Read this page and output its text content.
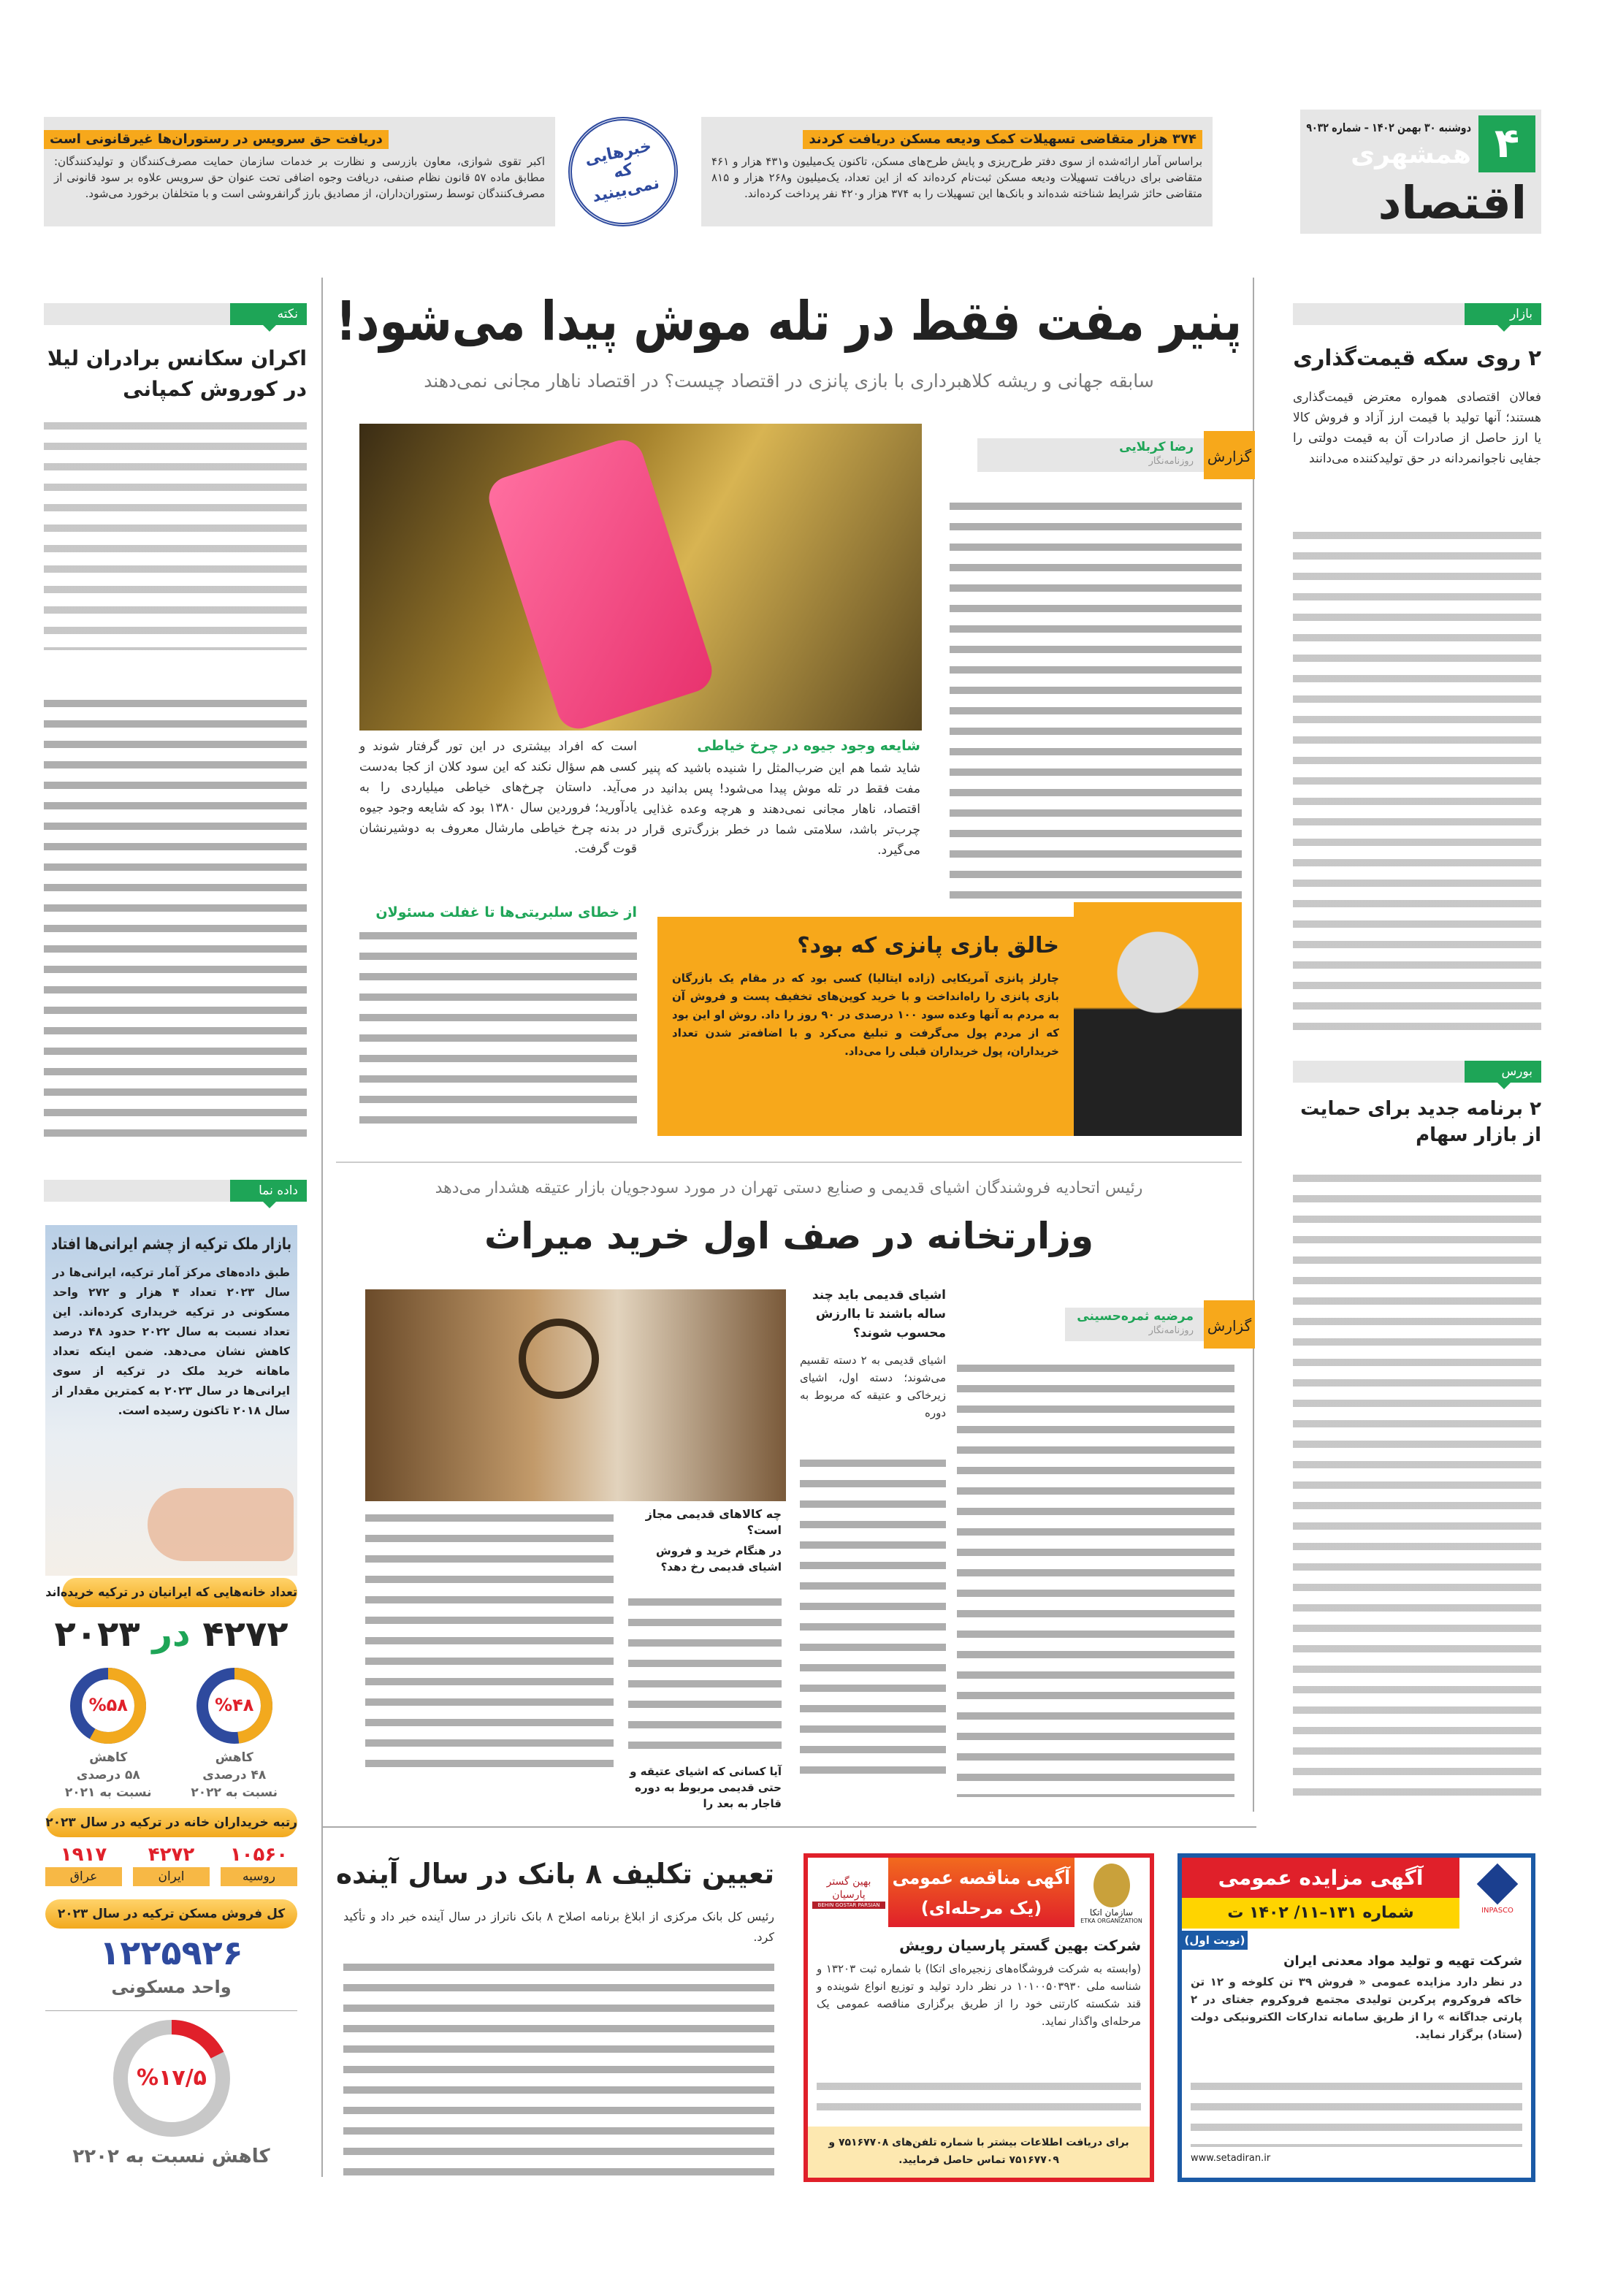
۴
دوشنبه ۳۰ بهمن ۱۴۰۲ – شماره ۹۰۳۲
همشهری
اقتصاد
۳۷۴ هزار متقاضی تسهیلات کمک ودیعه مسکن دریافت کردند
براساس آمار ارائه‌شده از سوی دفتر طرح‌ریزی و پایش طرح‌های مسکن، تاکنون یک‌میلیون و۴۳۱ هزار و ۴۶۱ متقاضی برای دریافت تسهیلات ودیعه مسکن ثبت‌نام کرده‌اند که از این تعداد، یک‌میلیون و۲۶۸ هزار و ۸۱۵ متقاضی حائز شرایط شناخته شده‌اند و بانک‌ها این تسهیلات را به ۳۷۴ هزار و۴۲۰ نفر پرداخت کرده‌اند.
خبرهایی که نمی‌بینید
دریافت حق سرویس در رستوران‌ها غیرقانونی است
اکبر تقوی شوازی، معاون بازرسی و نظارت بر خدمات سازمان حمایت مصرف‌کنندگان و تولیدکنندگان: مطابق ماده ۵۷ قانون نظام صنفی، دریافت وجوه اضافی تحت عنوان حق سرویس علاوه بر سود قانونی از مصرف‌کنندگان توسط رستوران‌داران، از مصادیق بارز گرانفروشی است و با متخلفان برخورد می‌شود.
بازار
۲ روی سکه قیمت‌گذاری
فعالان اقتصادی همواره معترض قیمت‌گذاری هستند؛ آنها تولید با قیمت ارز آزاد و فروش کالا یا ارز حاصل از صادرات آن به قیمت دولتی را جفایی ناجوانمردانه در حق تولیدکننده می‌دانند
بورس
۲ برنامه جدید برای حمایت از بازار سهام
پنیر مفت فقط در تله موش پیدا می‌شود!
سابقه جهانی و ریشه کلاهبرداری با بازی پانزی در اقتصاد چیست؟ در اقتصاد ناهار مجانی نمی‌دهند
گزارش
رضا کربلایی
روزنامه‌نگار
شایعه وجود جیوه در چرخ خیاطی
شاید شما هم این ضرب‌المثل را شنیده باشید که پنیر مفت فقط در تله موش پیدا می‌شود! پس بدانید در اقتصاد، ناهار مجانی نمی‌دهند و هرچه وعده غذایی چرب‌تر باشد، سلامتی شما در خطر بزرگ‌تری قرار می‌گیرد.
است که افراد بیشتری در این تور گرفتار شوند و کسی هم سؤال نکند که این سود کلان از کجا به‌دست می‌آید. داستان چرخ‌های خیاطی میلیاردی را به یادآورید؛ فروردین سال ۱۳۸۰ بود که شایعه وجود جیوه در بدنه چرخ خیاطی مارشال معروف به دوشیرنشان قوت گرفت.
از خطای سلبریتی‌ها تا غفلت مسئولان
خالق بازی پانزی که بود؟
چارلز پانزی آمریکایی (زاده ایتالیا) کسی بود که در مقام یک بازرگان بازی پانزی را راه‌انداخت و با خرید کوپن‌های تخفیف پست و فروش آن به مردم به آنها وعده سود ۱۰۰ درصدی در ۹۰ روز را داد. روش او این بود که از مردم پول می‌گرفت و تبلیغ می‌کرد و با اضافه‌تر شدن تعداد خریداران، پول خریداران قبلی را می‌داد.
رئیس اتحادیه فروشندگان اشیای قدیمی و صنایع دستی تهران در مورد سودجویان بازار عتیقه هشدار می‌دهد
وزارتخانه در صف اول خرید میراث
گزارش
مرضیه ثمره‌حسینی
روزنامه‌نگار
اشیای قدیمی باید چند ساله باشند تا باارزش محسوب شوند؟
اشیای قدیمی به ۲ دسته تقسیم می‌شوند؛ دسته اول، اشیای زیرخاکی و عتیقه که مربوط به دوره
چه کالاهای قدیمی مجاز است؟
در هنگام خرید و فروش اشیای قدیمی رخ دهد؟
آیا کسانی که اشیای عتیقه و حتی قدیمی مربوط به دوره قاجار به بعد را
تعیین تکلیف ۸ بانک در سال آینده
رئیس کل بانک مرکزی از ابلاغ برنامه اصلاح ۸ بانک ناتراز در سال آینده خبر داد و تأکید کرد.
آگهی مناقصه عمومی
(یک مرحله‌ای)	سازمان اتکا
ETKA ORGANIZATION
بهین گستر پارسیان
BEHIN GOSTAR PARSIAN
شرکت بهین گستر پارسیان رویش
(وابسته به شرکت فروشگاه‌های زنجیره‌ای اتکا) با شماره ثبت ۱۳۲۰۳ و شناسه ملی ۱۰۱۰۰۵۰۳۹۳۰ در نظر دارد تولید و توزیع انواع شوینده و قند شکسته کارتنی خود را از طریق برگزاری مناقصه عمومی یک مرحله‌ای واگذار نماید.
برای دریافت اطلاعات بیشتر با شماره تلفن‌های ۷۵۱۶۷۷۰۸ و ۷۵۱۶۷۷۰۹ تماس حاصل فرمایید.
آگهی مزایده عمومی
شماره ۱۳۱–۱۱/ ۱۴۰۲ ت
(نوبت اول)
INPASCO
شرکت تهیه و تولید مواد معدنی ایران
در نظر دارد مزایده عمومی « فروش ۳۹ تن کلوخه و ۱۲ تن خاکه فروکروم پرکربن تولیدی مجتمع فروکروم جغتای در ۲ پارتی جداگانه » را از طریق سامانه تدارکات الکترونیکی دولت (ستاد) برگزار نماید.
www.setadiran.ir
نکته
اکران سکانس برادران لیلا در کوروش کمپانی
داده نما
بازار ملک ترکیه از چشم ایرانی‌ها افتاد
طبق داده‌های مرکز آمار ترکیه، ایرانی‌ها در سال ۲۰۲۳ تعداد ۴ هزار و ۲۷۲ واحد مسکونی در ترکیه خریداری کرده‌اند. این تعداد نسبت به سال ۲۰۲۲ حدود ۴۸ درصد کاهش نشان می‌دهد. ضمن اینکه تعداد ماهانه خرید ملک در ترکیه از سوی ایرانی‌ها در سال ۲۰۲۳ به کمترین مقدار از سال ۲۰۱۸ تاکنون رسیده است.
تعداد خانه‌هایی که ایرانیان در ترکیه خریده‌اند
۴۲۷۲ در ۲۰۲۳
%۴۸
کاهش
۴۸ درصدی
نسبت به ۲۰۲۲
%۵۸
کاهش
۵۸ درصدی
نسبت به ۲۰۲۱
رتبه خریداران خانه در ترکیه در سال ۲۰۲۳
۱۰۵۶۰
روسیه
۴۲۷۲
ایران
۱۹۱۷
عراق
کل فروش مسکن ترکیه در سال ۲۰۲۳
۱۲۲۵۹۲۶
واحد مسکونی
%۱۷/۵
کاهش نسبت به ۲۲۰۲
